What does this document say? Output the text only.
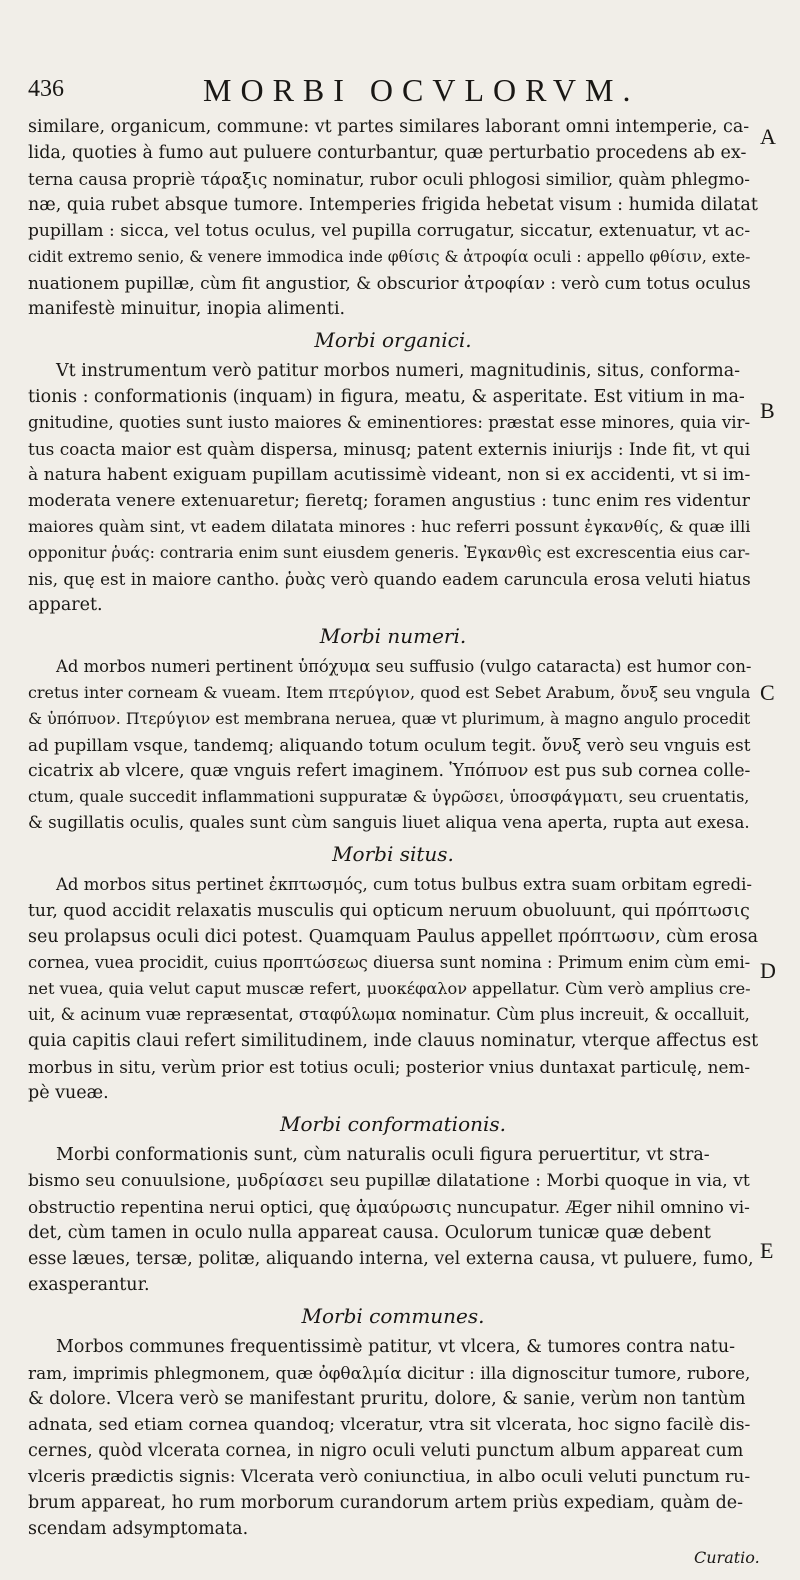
436	MORBI OCVLORVM.
similare, organicum, commune: vt partes similares laborant omni intemperie, ca-
lida, quoties à fumo aut puluere conturbantur, quæ perturbatio procedens ab ex-
terna causa propriè τάραξις nominatur, rubor oculi phlogosi similior, quàm phlegmo-
næ, quia rubet absque tumore. Intemperies frigida hebetat visum : humida dilatat
pupillam : sicca, vel totus oculus, vel pupilla corrugatur, siccatur, extenuatur, vt ac-
cidit extremo senio, & venere immodica inde φθίσις & ἀτροφία oculi : appello φθίσιν, exte-
nuationem pupillæ, cùm fit angustior, & obscurior ἀτροφίαν : verò cum totus oculus
manifestè minuitur, inopia alimenti.
Morbi organici.
Vt instrumentum verò patitur morbos numeri, magnitudinis, situs, conforma-
tionis : conformationis (inquam) in figura, meatu, & asperitate. Est vitium in ma-
gnitudine, quoties sunt iusto maiores & eminentiores: præstat esse minores, quia vir-
tus coacta maior est quàm dispersa, minusq; patent externis iniurijs : Inde fit, vt qui
à natura habent exiguam pupillam acutissimè videant, non si ex accidenti, vt si im-
moderata venere extenuaretur; fieretq; foramen angustius : tunc enim res videntur
maiores quàm sint, vt eadem dilatata minores : huc referri possunt ἐγκανθίς, & quæ illi
opponitur ῥυάς: contraria enim sunt eiusdem generis. Ἐγκανθὶς est excrescentia eius car-
nis, quę est in maiore cantho. ῥυὰς verò quando eadem caruncula erosa veluti hiatus
apparet.
Morbi numeri.
Ad morbos numeri pertinent ὑπόχυμα seu suffusio (vulgo cataracta) est humor con-
cretus inter corneam & vueam. Item πτερύγιον, quod est Sebet Arabum, ὄνυξ seu vngula
& ὑπόπυον. Πτερύγιον est membrana neruea, quæ vt plurimum, à magno angulo procedit
ad pupillam vsque, tandemq; aliquando totum oculum tegit. ὄνυξ verò seu vnguis est
cicatrix ab vlcere, quæ vnguis refert imaginem. Ὑπόπυον est pus sub cornea colle-
ctum, quale succedit inflammationi suppuratæ & ὑγρῶσει, ὑποσφάγματι, seu cruentatis,
& sugillatis oculis, quales sunt cùm sanguis liuet aliqua vena aperta, rupta aut exesa.
Morbi situs.
Ad morbos situs pertinet ἐκπτωσμός, cum totus bulbus extra suam orbitam egredi-
tur, quod accidit relaxatis musculis qui opticum neruum obuoluunt, qui πρόπτωσις
seu prolapsus oculi dici potest. Quamquam Paulus appellet πρόπτωσιν, cùm erosa
cornea, vuea procidit, cuius προπτώσεως diuersa sunt nomina : Primum enim cùm emi-
net vuea, quia velut caput muscæ refert, μυοκέφαλον appellatur. Cùm verò amplius cre-
uit, & acinum vuæ repræsentat, σταφύλωμα nominatur. Cùm plus increuit, & occalluit,
quia capitis claui refert similitudinem, inde clauus nominatur, vterque affectus est
morbus in situ, verùm prior est totius oculi; posterior vnius duntaxat particulę, nem-
pè vueæ.
Morbi conformationis.
Morbi conformationis sunt, cùm naturalis oculi figura peruertitur, vt stra-
bismo seu conuulsione, μυδρίασει seu pupillæ dilatatione : Morbi quoque in via, vt
obstructio repentina nerui optici, quę ἀμαύρωσις nuncupatur. Æger nihil omnino vi-
det, cùm tamen in oculo nulla appareat causa. Oculorum tunicæ quæ debent
esse læues, tersæ, politæ, aliquando interna, vel externa causa, vt puluere, fumo,
exasperantur.
Morbi communes.
Morbos communes frequentissimè patitur, vt vlcera, & tumores contra natu-
ram, imprimis phlegmonem, quæ ὀφθαλμία dicitur : illa dignoscitur tumore, rubore,
& dolore. Vlcera verò se manifestant pruritu, dolore, & sanie, verùm non tantùm
adnata, sed etiam cornea quandoq; vlceratur, vtra sit vlcerata, hoc signo facilè dis-
cernes, quòd vlcerata cornea, in nigro oculi veluti punctum album appareat cum
vlceris prædictis signis: Vlcerata verò coniunctiua, in albo oculi veluti punctum ru-
brum appareat, ho rum morborum curandorum artem priùs expediam, quàm de-
scendam adsymptomata.
A
B
C
D
E
Curatio.
